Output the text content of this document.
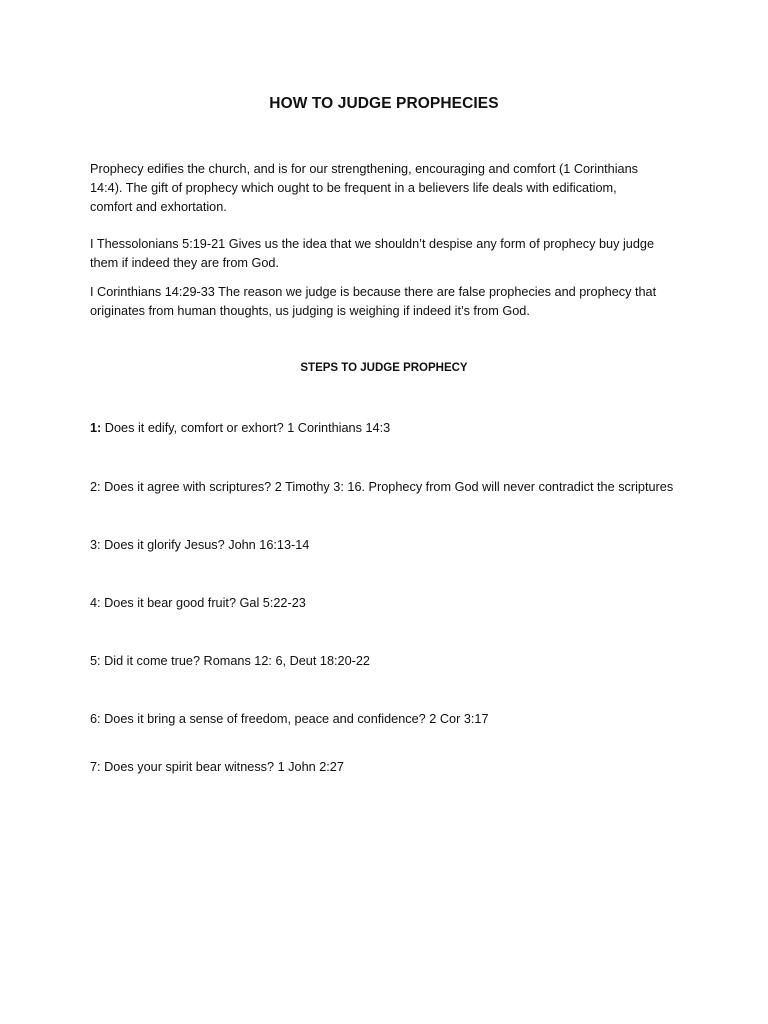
HOW TO JUDGE PROPHECIES
Prophecy edifies the church, and is for our strengthening, encouraging and comfort (1 Corinthians 14:4). The gift of prophecy which ought to be frequent in a believers life deals with edificatiom, comfort and exhortation.
I Thessolonians 5:19-21 Gives us the idea that we shouldn’t despise any form of prophecy buy judge them if indeed they are from God.
I Corinthians 14:29-33 The reason we judge is because there are false prophecies and prophecy that originates from human thoughts, us judging is weighing if indeed it’s from God.
STEPS TO JUDGE PROPHECY
1: Does it edify, comfort or exhort? 1 Corinthians 14:3
2: Does it agree with scriptures? 2 Timothy 3: 16. Prophecy from God will never contradict the scriptures
3: Does it glorify Jesus? John 16:13-14
4: Does it bear good fruit? Gal 5:22-23
5: Did it come true? Romans 12: 6, Deut 18:20-22
6: Does it bring a sense of freedom, peace and confidence? 2 Cor 3:17
7: Does your spirit bear witness? 1 John 2:27
